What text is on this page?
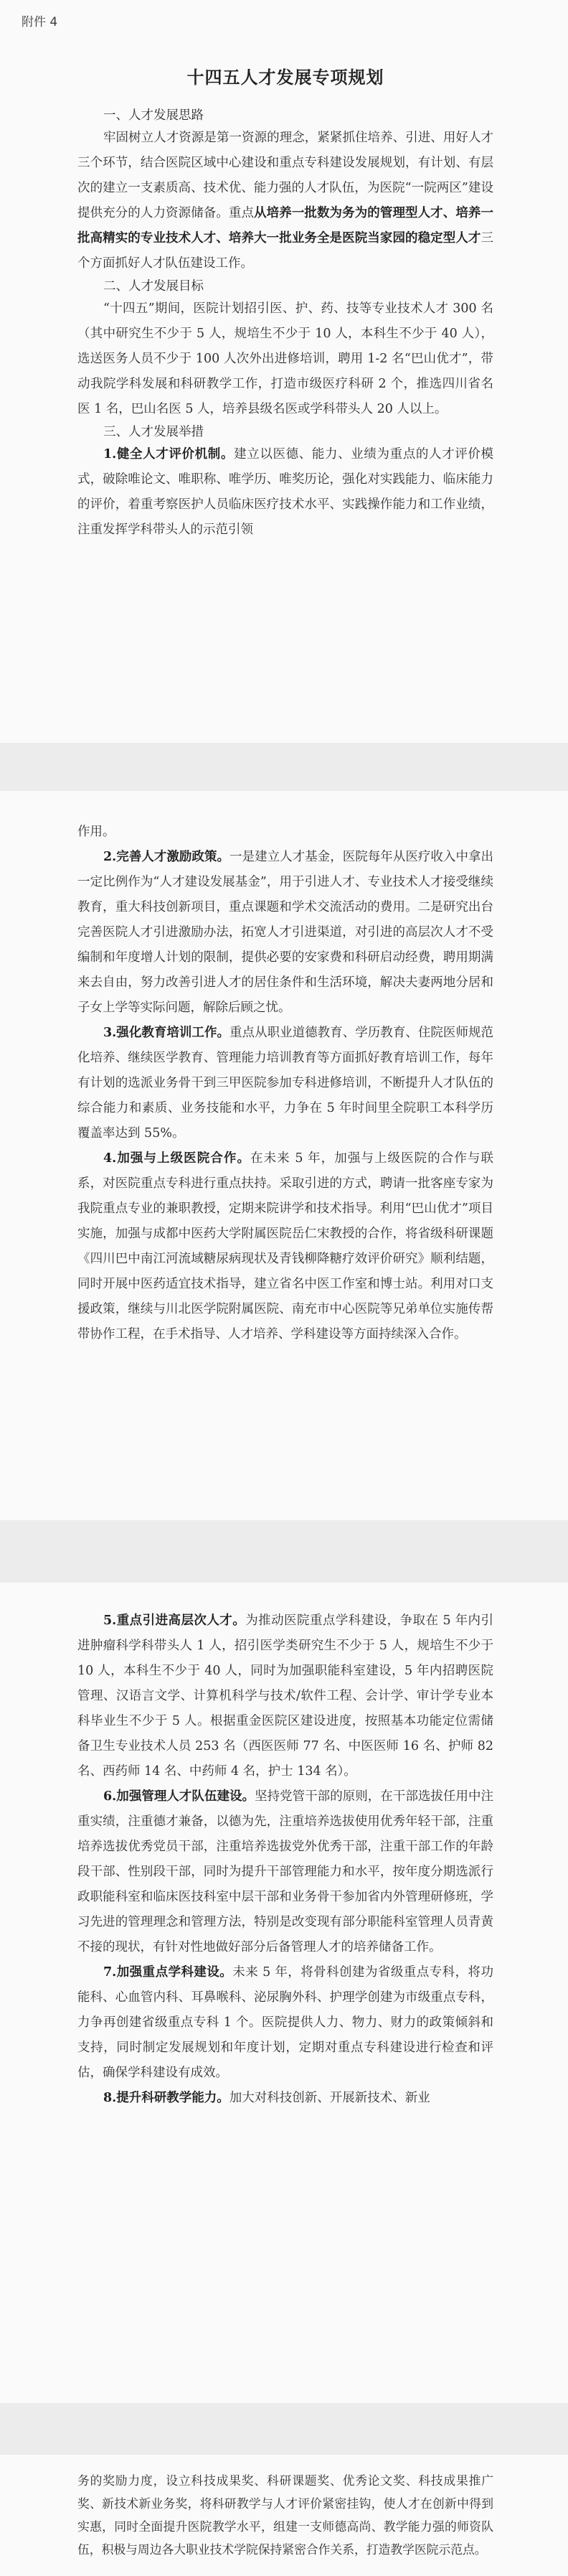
附件 4
十四五人才发展专项规划
一、人才发展思路

牢固树立人才资源是第一资源的理念，紧紧抓住培养、引进、用好人才三个环节，结合医院区域中心建设和重点专科建设发展规划，有计划、有层次的建立一支素质高、技术优、能力强的人才队伍，为医院“一院两区”建设提供充分的人力资源储备。重点从培养一批数为务为的管理型人才、培养一批高精实的专业技术人才、培养大一批业务全是医院当家园的稳定型人才三个方面抓好人才队伍建设工作。

二、人才发展目标

“十四五”期间，医院计划招引医、护、药、技等专业技术人才 300 名（其中研究生不少于 5 人，规培生不少于 10 人，本科生不少于 40 人），选送医务人员不少于 100 人次外出进修培训，聘用 1-2 名“巴山优才”，带动我院学科发展和科研教学工作，打造市级医疗科研 2 个，推选四川省名医 1 名，巴山名医 5 人，培养县级名医或学科带头人 20 人以上。

三、人才发展举措

1.健全人才评价机制。建立以医德、能力、业绩为重点的人才评价模式，破除唯论文、唯职称、唯学历、唯奖历论，强化对实践能力、临床能力的评价，着重考察医护人员临床医疗技术水平、实践操作能力和工作业绩，注重发挥学科带头人的示范引领

作用。

2.完善人才激励政策。一是建立人才基金，医院每年从医疗收入中拿出一定比例作为“人才建设发展基金”，用于引进人才、专业技术人才接受继续教育，重大科技创新项目，重点课题和学术交流活动的费用。二是研究出台完善医院人才引进激励办法，拓宽人才引进渠道，对引进的高层次人才不受编制和年度增人计划的限制，提供必要的安家费和科研启动经费，聘用期满来去自由，努力改善引进人才的居住条件和生活环境，解决夫妻两地分居和子女上学等实际问题，解除后顾之忧。

3.强化教育培训工作。重点从职业道德教育、学历教育、住院医师规范化培养、继续医学教育、管理能力培训教育等方面抓好教育培训工作，每年有计划的选派业务骨干到三甲医院参加专科进修培训，不断提升人才队伍的综合能力和素质、业务技能和水平，力争在 5 年时间里全院职工本科学历覆盖率达到 55%。

4.加强与上级医院合作。在未来 5 年，加强与上级医院的合作与联系，对医院重点专科进行重点扶持。采取引进的方式，聘请一批客座专家为我院重点专业的兼职教授，定期来院讲学和技术指导。利用“巴山优才”项目实施，加强与成都中医药大学附属医院岳仁宋教授的合作，将省级科研课题《四川巴中南江河流域糖尿病现状及青钱柳降糖疗效评价研究》顺利结题，同时开展中医药适宜技术指导，建立省名中医工作室和博士站。利用对口支援政策，继续与川北医学院附属医院、南充市中心医院等兄弟单位实施传帮带协作工程，在手术指导、人才培养、学科建设等方面持续深入合作。

5.重点引进高层次人才。为推动医院重点学科建设，争取在 5 年内引进肿瘤科学科带头人 1 人，招引医学类研究生不少于 5 人，规培生不少于 10 人，本科生不少于 40 人，同时为加强职能科室建设，5 年内招聘医院管理、汉语言文学、计算机科学与技术/软件工程、会计学、审计学专业本科毕业生不少于 5 人。根据重金医院区建设进度，按照基本功能定位需储备卫生专业技术人员 253 名（西医医师 77 名、中医医师 16 名、护师 82 名、西药师 14 名、中药师 4 名，护士 134 名）。

6.加强管理人才队伍建设。坚持党管干部的原则，在干部选拔任用中注重实绩，注重德才兼备，以德为先，注重培养选拔使用优秀年轻干部，注重培养选拔优秀党员干部，注重培养选拔党外优秀干部，注重干部工作的年龄段干部、性别段干部，同时为提升干部管理能力和水平，按年度分期选派行政职能科室和临床医技科室中层干部和业务骨干参加省内外管理研修班，学习先进的管理理念和管理方法，特别是改变现有部分职能科室管理人员青黄不接的现状，有针对性地做好部分后备管理人才的培养储备工作。

7.加强重点学科建设。未来 5 年，将骨科创建为省级重点专科，将功能科、心血管内科、耳鼻喉科、泌尿胸外科、护理学创建为市级重点专科，力争再创建省级重点专科 1 个。医院提供人力、物力、财力的政策倾斜和支持，同时制定发展规划和年度计划，定期对重点专科建设进行检查和评估，确保学科建设有成效。

8.提升科研教学能力。加大对科技创新、开展新技术、新业

务的奖励力度，设立科技成果奖、科研课题奖、优秀论文奖、科技成果推广奖、新技术新业务奖，将科研教学与人才评价紧密挂钩，使人才在创新中得到实惠，同时全面提升医院教学水平，组建一支师德高尚、教学能力强的师资队伍，积极与周边各大职业技术学院保持紧密合作关系，打造教学医院示范点。
